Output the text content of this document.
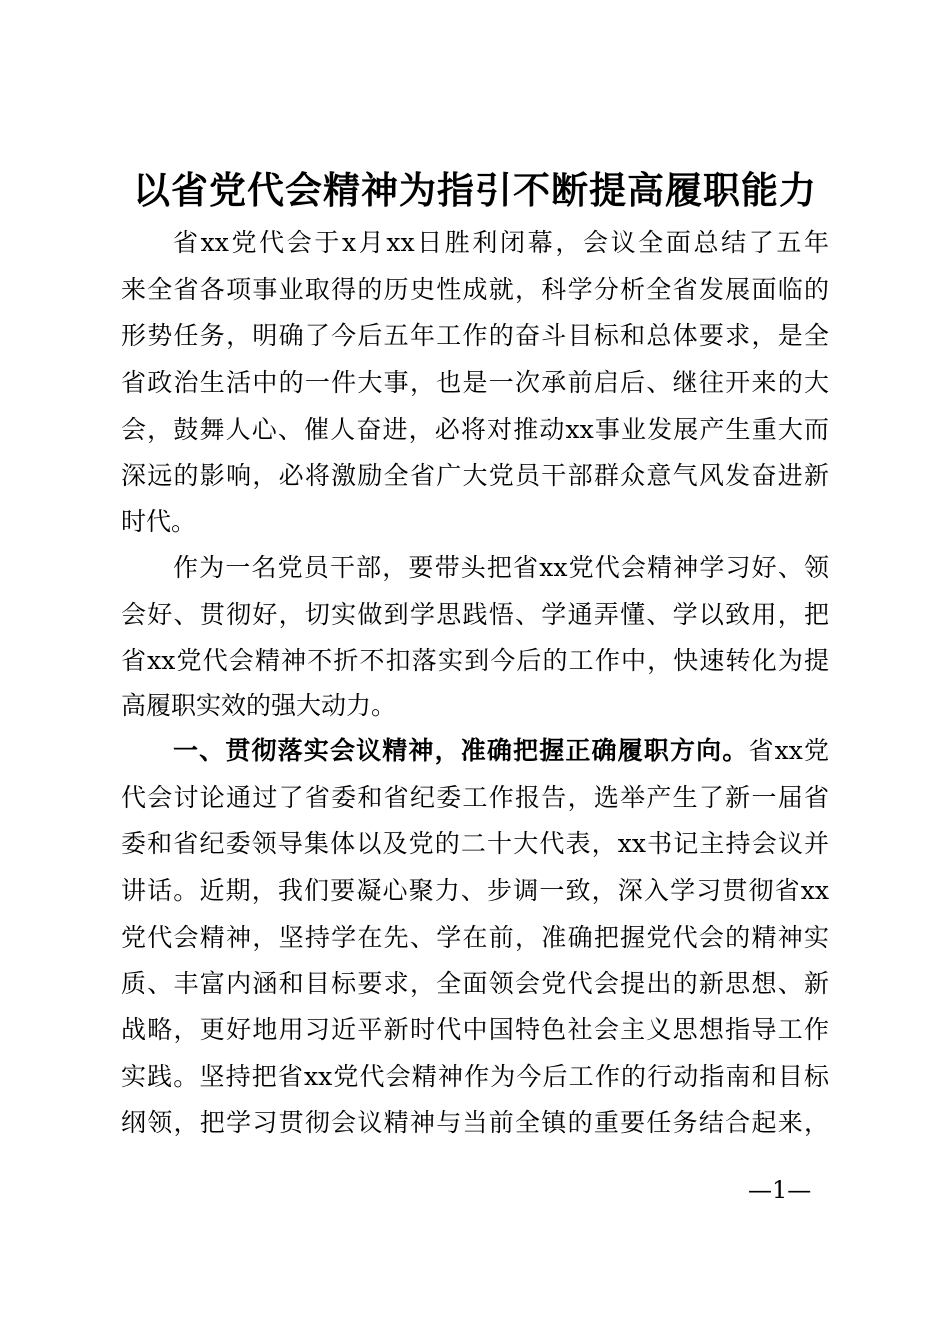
以省党代会精神为指引不断提高履职能力
省xx党代会于x月xx日胜利闭幕，会议全面总结了五年
来全省各项事业取得的历史性成就，科学分析全省发展面临的
形势任务，明确了今后五年工作的奋斗目标和总体要求，是全
省政治生活中的一件大事，也是一次承前启后、继往开来的大
会，鼓舞人心、催人奋进，必将对推动xx事业发展产生重大而
深远的影响，必将激励全省广大党员干部群众意气风发奋进新
时代。
作为一名党员干部，要带头把省xx党代会精神学习好、领
会好、贯彻好，切实做到学思践悟、学通弄懂、学以致用，把
省xx党代会精神不折不扣落实到今后的工作中，快速转化为提
高履职实效的强大动力。
一、贯彻落实会议精神，准确把握正确履职方向。省xx党
代会讨论通过了省委和省纪委工作报告，选举产生了新一届省
委和省纪委领导集体以及党的二十大代表，xx书记主持会议并
讲话。近期，我们要凝心聚力、步调一致，深入学习贯彻省xx
党代会精神，坚持学在先、学在前，准确把握党代会的精神实
质、丰富内涵和目标要求，全面领会党代会提出的新思想、新
战略，更好地用习近平新时代中国特色社会主义思想指导工作
实践。坚持把省xx党代会精神作为今后工作的行动指南和目标
纲领，把学习贯彻会议精神与当前全镇的重要任务结合起来，
—1—
